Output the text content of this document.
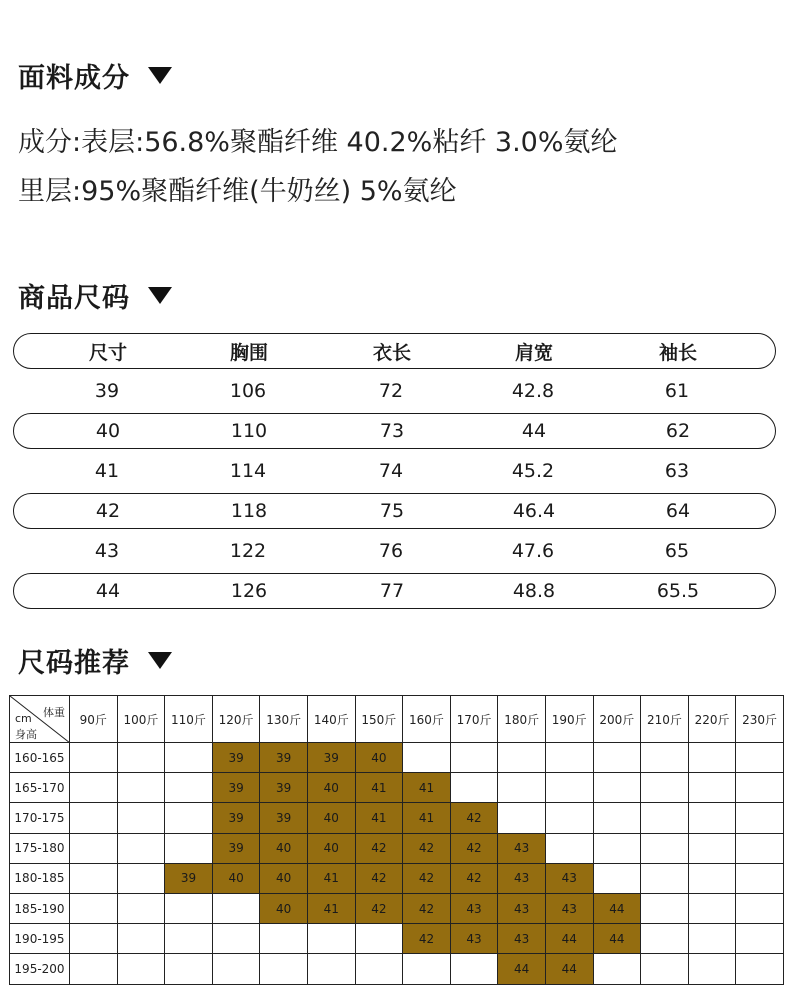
面料成分
成分:表层:56.8%聚酯纤维 40.2%粘纤 3.0%氨纶
里层:95%聚酯纤维(牛奶丝) 5%氨纶
商品尺码
尺寸	胸围	衣长	肩宽	袖长
39	106	72	42.8	61
40	110	73	44	62
41	114	74	45.2	63
42	118	75	46.4	64
43	122	76	47.6	65
44	126	77	48.8	65.5
尺码推荐
体重
cm
身高	90斤	100斤	110斤	120斤	130斤	140斤	150斤	160斤	170斤	180斤	190斤	200斤	210斤	220斤	230斤
160-165				39	39	39	40								
165-170				39	39	40	41	41							
170-175				39	39	40	41	41	42						
175-180				39	40	40	42	42	42	43					
180-185			39	40	40	41	42	42	42	43	43				
185-190					40	41	42	42	43	43	43	44			
190-195								42	43	43	44	44			
195-200										44	44				
